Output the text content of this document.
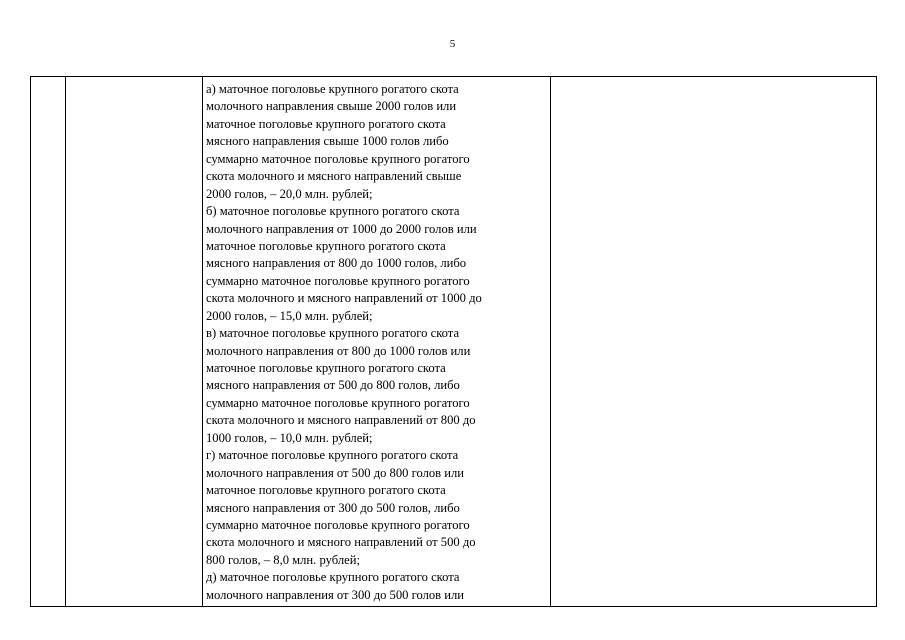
5

а) маточное поголовье крупного рогатого скота
молочного направления свыше 2000 голов или
маточное поголовье крупного рогатого скота
мясного направления свыше 1000 голов либо
суммарно маточное поголовье крупного рогатого
скота молочного и мясного направлений свыше
2000 голов, – 20,0 млн. рублей;
б) маточное поголовье крупного рогатого скота
молочного направления от 1000 до 2000 голов или
маточное поголовье крупного рогатого скота
мясного направления от 800 до 1000 голов, либо
суммарно маточное поголовье крупного рогатого
скота молочного и мясного направлений от 1000 до
2000 голов, – 15,0 млн. рублей;
в) маточное поголовье крупного рогатого скота
молочного направления от 800 до 1000 голов или
маточное поголовье крупного рогатого скота
мясного направления от 500 до 800 голов, либо
суммарно маточное поголовье крупного рогатого
скота молочного и мясного направлений от 800 до
1000 голов, – 10,0 млн. рублей;
г) маточное поголовье крупного рогатого скота
молочного направления от 500 до 800 голов или
маточное поголовье крупного рогатого скота
мясного направления от 300 до 500 голов, либо
суммарно маточное поголовье крупного рогатого
скота молочного и мясного направлений от 500 до
800 голов, – 8,0 млн. рублей;
д) маточное поголовье крупного рогатого скота
молочного направления от 300 до 500 голов или
